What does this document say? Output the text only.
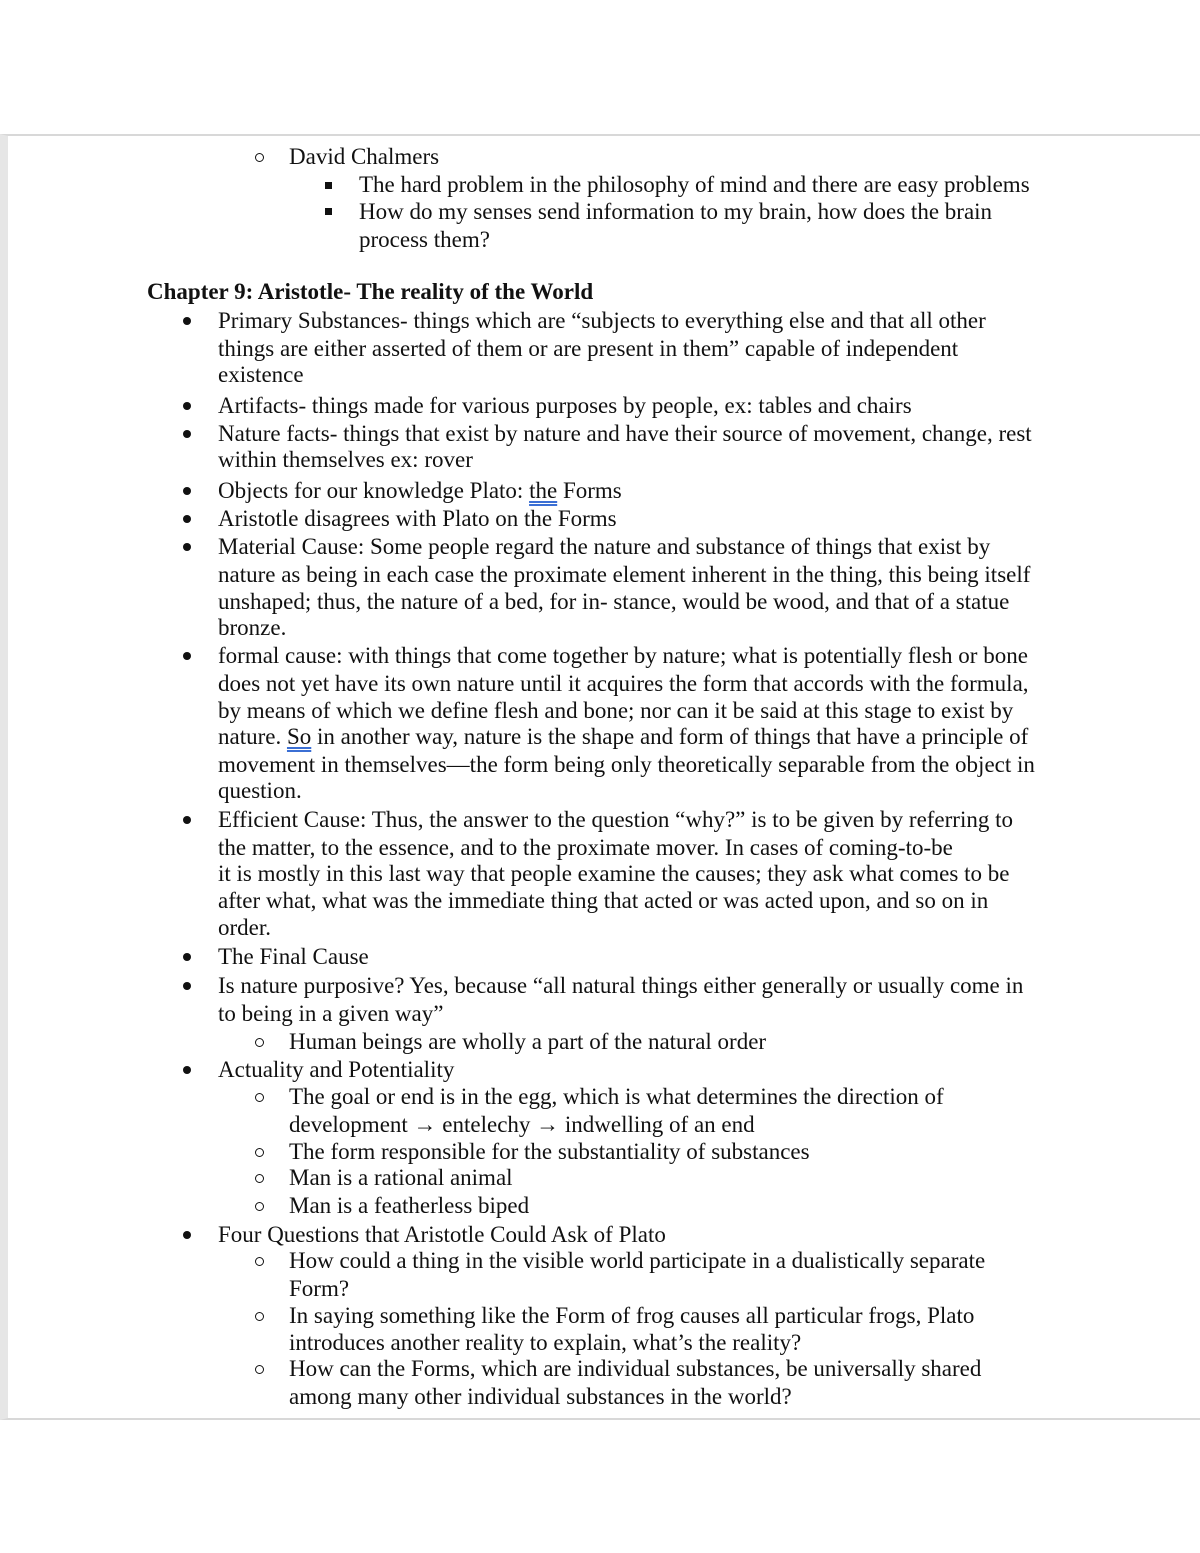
David Chalmers
The hard problem in the philosophy of mind and there are easy problems
How do my senses send information to my brain, how does the brain
process them?
Chapter 9: Aristotle- The reality of the World
Primary Substances- things which are “subjects to everything else and that all other
things are either asserted of them or are present in them” capable of independent
existence
Artifacts- things made for various purposes by people, ex: tables and chairs
Nature facts- things that exist by nature and have their source of movement, change, rest
within themselves ex: rover
Objects for our knowledge Plato: the Forms
Aristotle disagrees with Plato on the Forms
Material Cause: Some people regard the nature and substance of things that exist by
nature as being in each case the proximate element inherent in the thing, this being itself
unshaped; thus, the nature of a bed, for in- stance, would be wood, and that of a statue
bronze.
formal cause: with things that come together by nature; what is potentially flesh or bone
does not yet have its own nature until it acquires the form that accords with the formula,
by means of which we define flesh and bone; nor can it be said at this stage to exist by
nature. So in another way, nature is the shape and form of things that have a principle of
movement in themselves—the form being only theoretically separable from the object in
question.
Efficient Cause: Thus, the answer to the question “why?” is to be given by referring to
the matter, to the essence, and to the proximate mover. In cases of coming-to-be
it is mostly in this last way that people examine the causes; they ask what comes to be
after what, what was the immediate thing that acted or was acted upon, and so on in
order.
The Final Cause
Is nature purposive? Yes, because “all natural things either generally or usually come in
to being in a given way”
Human beings are wholly a part of the natural order
Actuality and Potentiality
The goal or end is in the egg, which is what determines the direction of
development → entelechy → indwelling of an end
The form responsible for the substantiality of substances
Man is a rational animal
Man is a featherless biped
Four Questions that Aristotle Could Ask of Plato
How could a thing in the visible world participate in a dualistically separate
Form?
In saying something like the Form of frog causes all particular frogs, Plato
introduces another reality to explain, what’s the reality?
How can the Forms, which are individual substances, be universally shared
among many other individual substances in the world?
